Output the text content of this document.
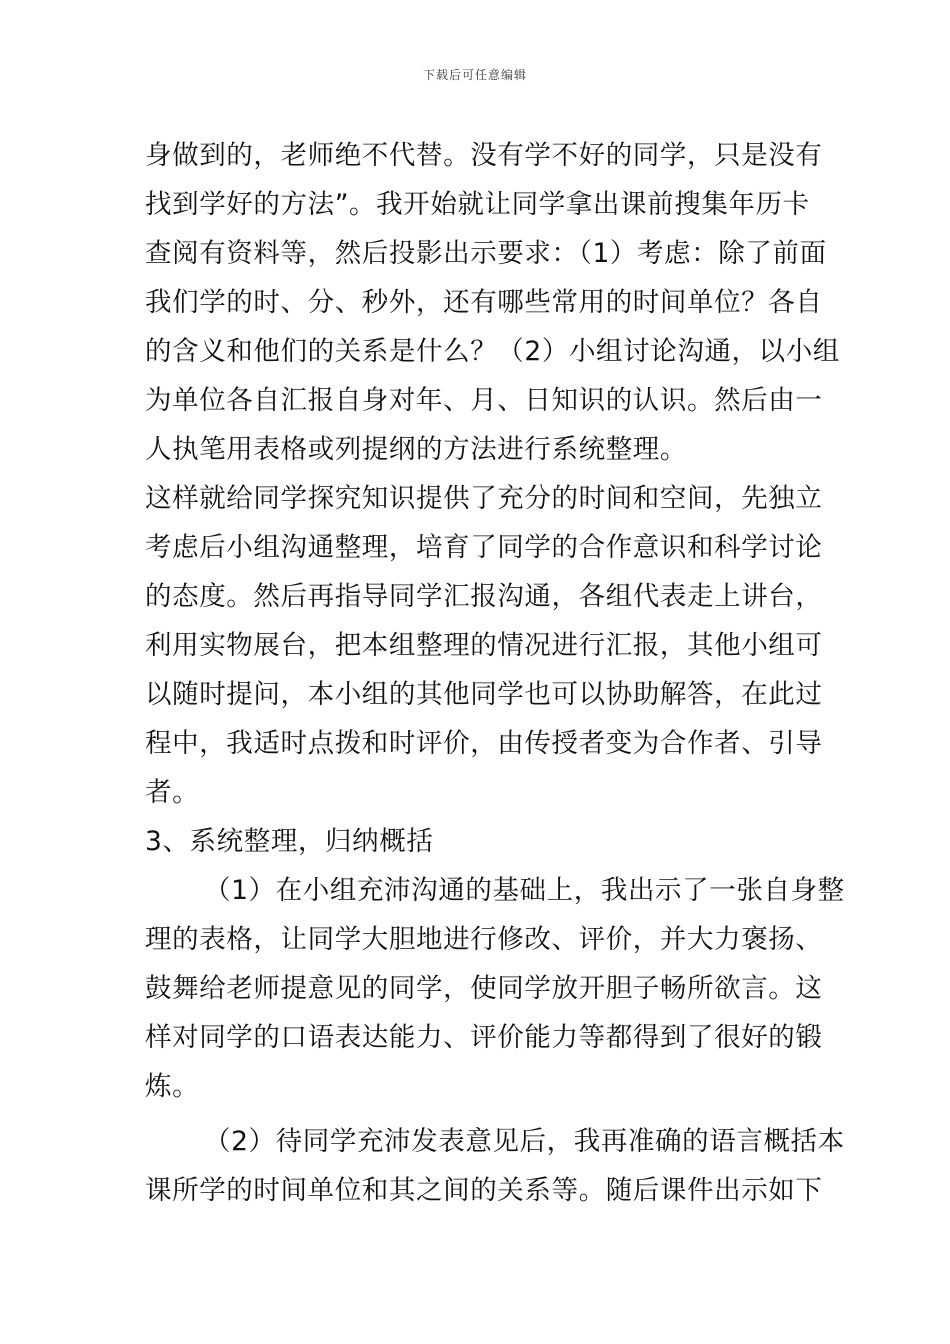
下载后可任意编辑
身做到的，老师绝不代替。没有学不好的同学，只是没有
找到学好的方法”。我开始就让同学拿出课前搜集年历卡
查阅有资料等，然后投影出示要求：（1）考虑：除了前面
我们学的时、分、秒外，还有哪些常用的时间单位？各自
的含义和他们的关系是什么？（2）小组讨论沟通，以小组
为单位各自汇报自身对年、月、日知识的认识。然后由一
人执笔用表格或列提纲的方法进行系统整理。
这样就给同学探究知识提供了充分的时间和空间，先独立
考虑后小组沟通整理，培育了同学的合作意识和科学讨论
的态度。然后再指导同学汇报沟通，各组代表走上讲台，
利用实物展台，把本组整理的情况进行汇报，其他小组可
以随时提问，本小组的其他同学也可以协助解答，在此过
程中，我适时点拨和时评价，由传授者变为合作者、引导
者。
3、系统整理，归纳概括
（1）在小组充沛沟通的基础上，我出示了一张自身整
理的表格，让同学大胆地进行修改、评价，并大力褒扬、
鼓舞给老师提意见的同学，使同学放开胆子畅所欲言。这
样对同学的口语表达能力、评价能力等都得到了很好的锻
炼。
（2）待同学充沛发表意见后，我再准确的语言概括本
课所学的时间单位和其之间的关系等。随后课件出示如下
